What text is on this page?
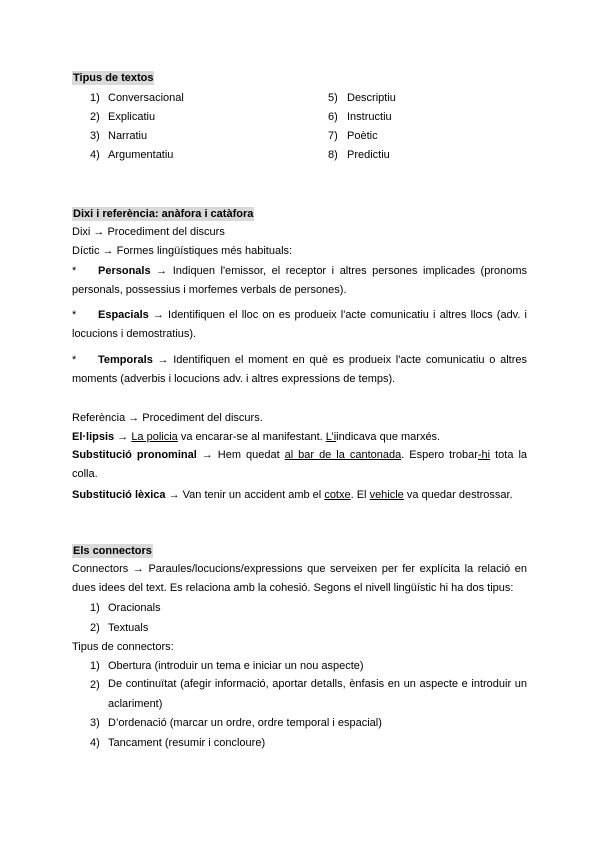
Tipus de textos
1) Conversacional
2) Explicatiu
3) Narratiu
4) Argumentatiu
5) Descriptiu
6) Instructiu
7) Poètic
8) Predictiu
Dixi i referència: anàfora i catàfora
Dixi → Procediment del discurs
Díctic → Formes lingüístiques més habituals:
* Personals → Indiquen l'emissor, el receptor i altres persones implicades (pronoms personals, possessius i morfemes verbals de persones).
* Espacials → Identifiquen el lloc on es produeix l'acte comunicatiu i altres llocs (adv. i locucions i demostratius).
* Temporals → Identifiquen el moment en què es produeix l'acte comunicatiu o altres moments (adverbis i locucions adv. i altres expressions de temps).
Referència → Procediment del discurs.
El·lipsis → La policia va encarar-se al manifestant. L’iindicava que marxés.
Substitució pronominal → Hem quedat al bar de la cantonada. Espero trobar-hi tota la colla.
Substitució lèxica → Van tenir un accident amb el cotxe. El vehicle va quedar destrossar.
Els connectors
Connectors → Paraules/locucions/expressions que serveixen per fer explícita la relació en dues idees del text. Es relaciona amb la cohesió. Segons el nivell lingüístic hi ha dos tipus:
1) Oracionals
2) Textuals
Tipus de connectors:
1) Obertura (introduir un tema e iniciar un nou aspecte)
2) De continuïtat (afegir informació, aportar detalls, ènfasis en un aspecte e introduir un aclariment)
3) D’ordenació (marcar un ordre, ordre temporal i espacial)
4) Tancament (resumir i concloure)
